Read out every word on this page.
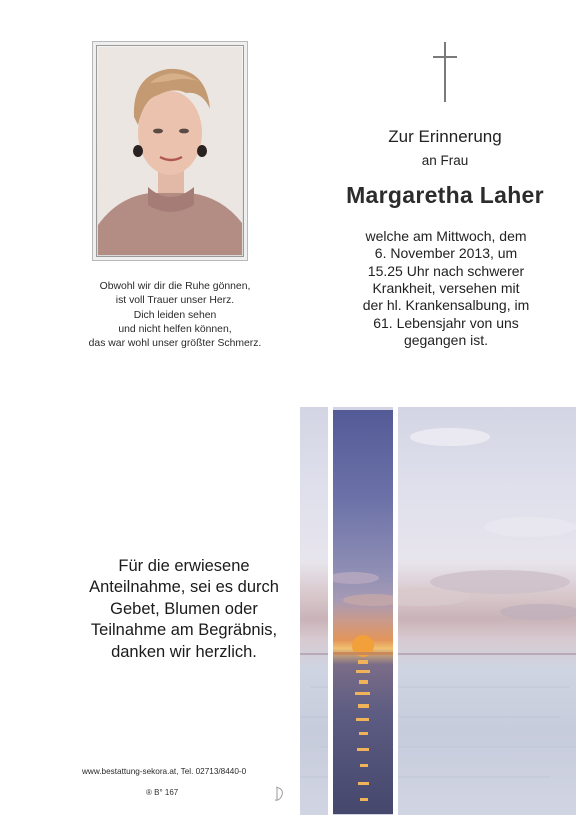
Obwohl wir dir die Ruhe gönnen,
ist voll Trauer unser Herz.
Dich leiden sehen
und nicht helfen können,
das war wohl unser größter Schmerz.
Zur Erinnerung
an Frau
Margaretha Laher
welche am Mittwoch, dem
6. November 2013, um
15.25 Uhr nach schwerer
Krankheit, versehen mit
der hl. Krankensalbung, im
61. Lebensjahr von uns
gegangen ist.
Für die erwiesene
Anteilnahme, sei es durch
Gebet, Blumen oder
Teilnahme am Begräbnis,
danken wir herzlich.
www.bestattung-sekora.at, Tel. 02713/8440-0
® B° 167
